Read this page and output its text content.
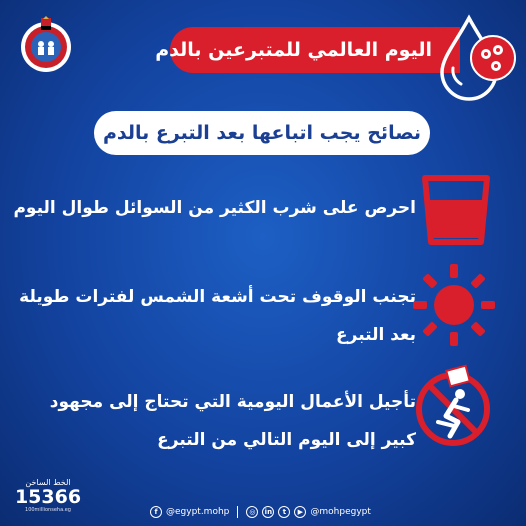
اليوم العالمي للمتبرعين بالدم
نصائح يجب اتباعها بعد التبرع بالدم
احرص على شرب الكثير من السوائل طوال اليوم
تجنب الوقوف تحت أشعة الشمس لفترات طويلة
بعد التبرع
تأجيل الأعمال اليومية التي تحتاج إلى مجهود
كبير إلى اليوم التالي من التبرع
الخط الساخن
15366
100millionseha.eg	f @egypt.mohp	◎	in	t	▶ @mohpegypt
